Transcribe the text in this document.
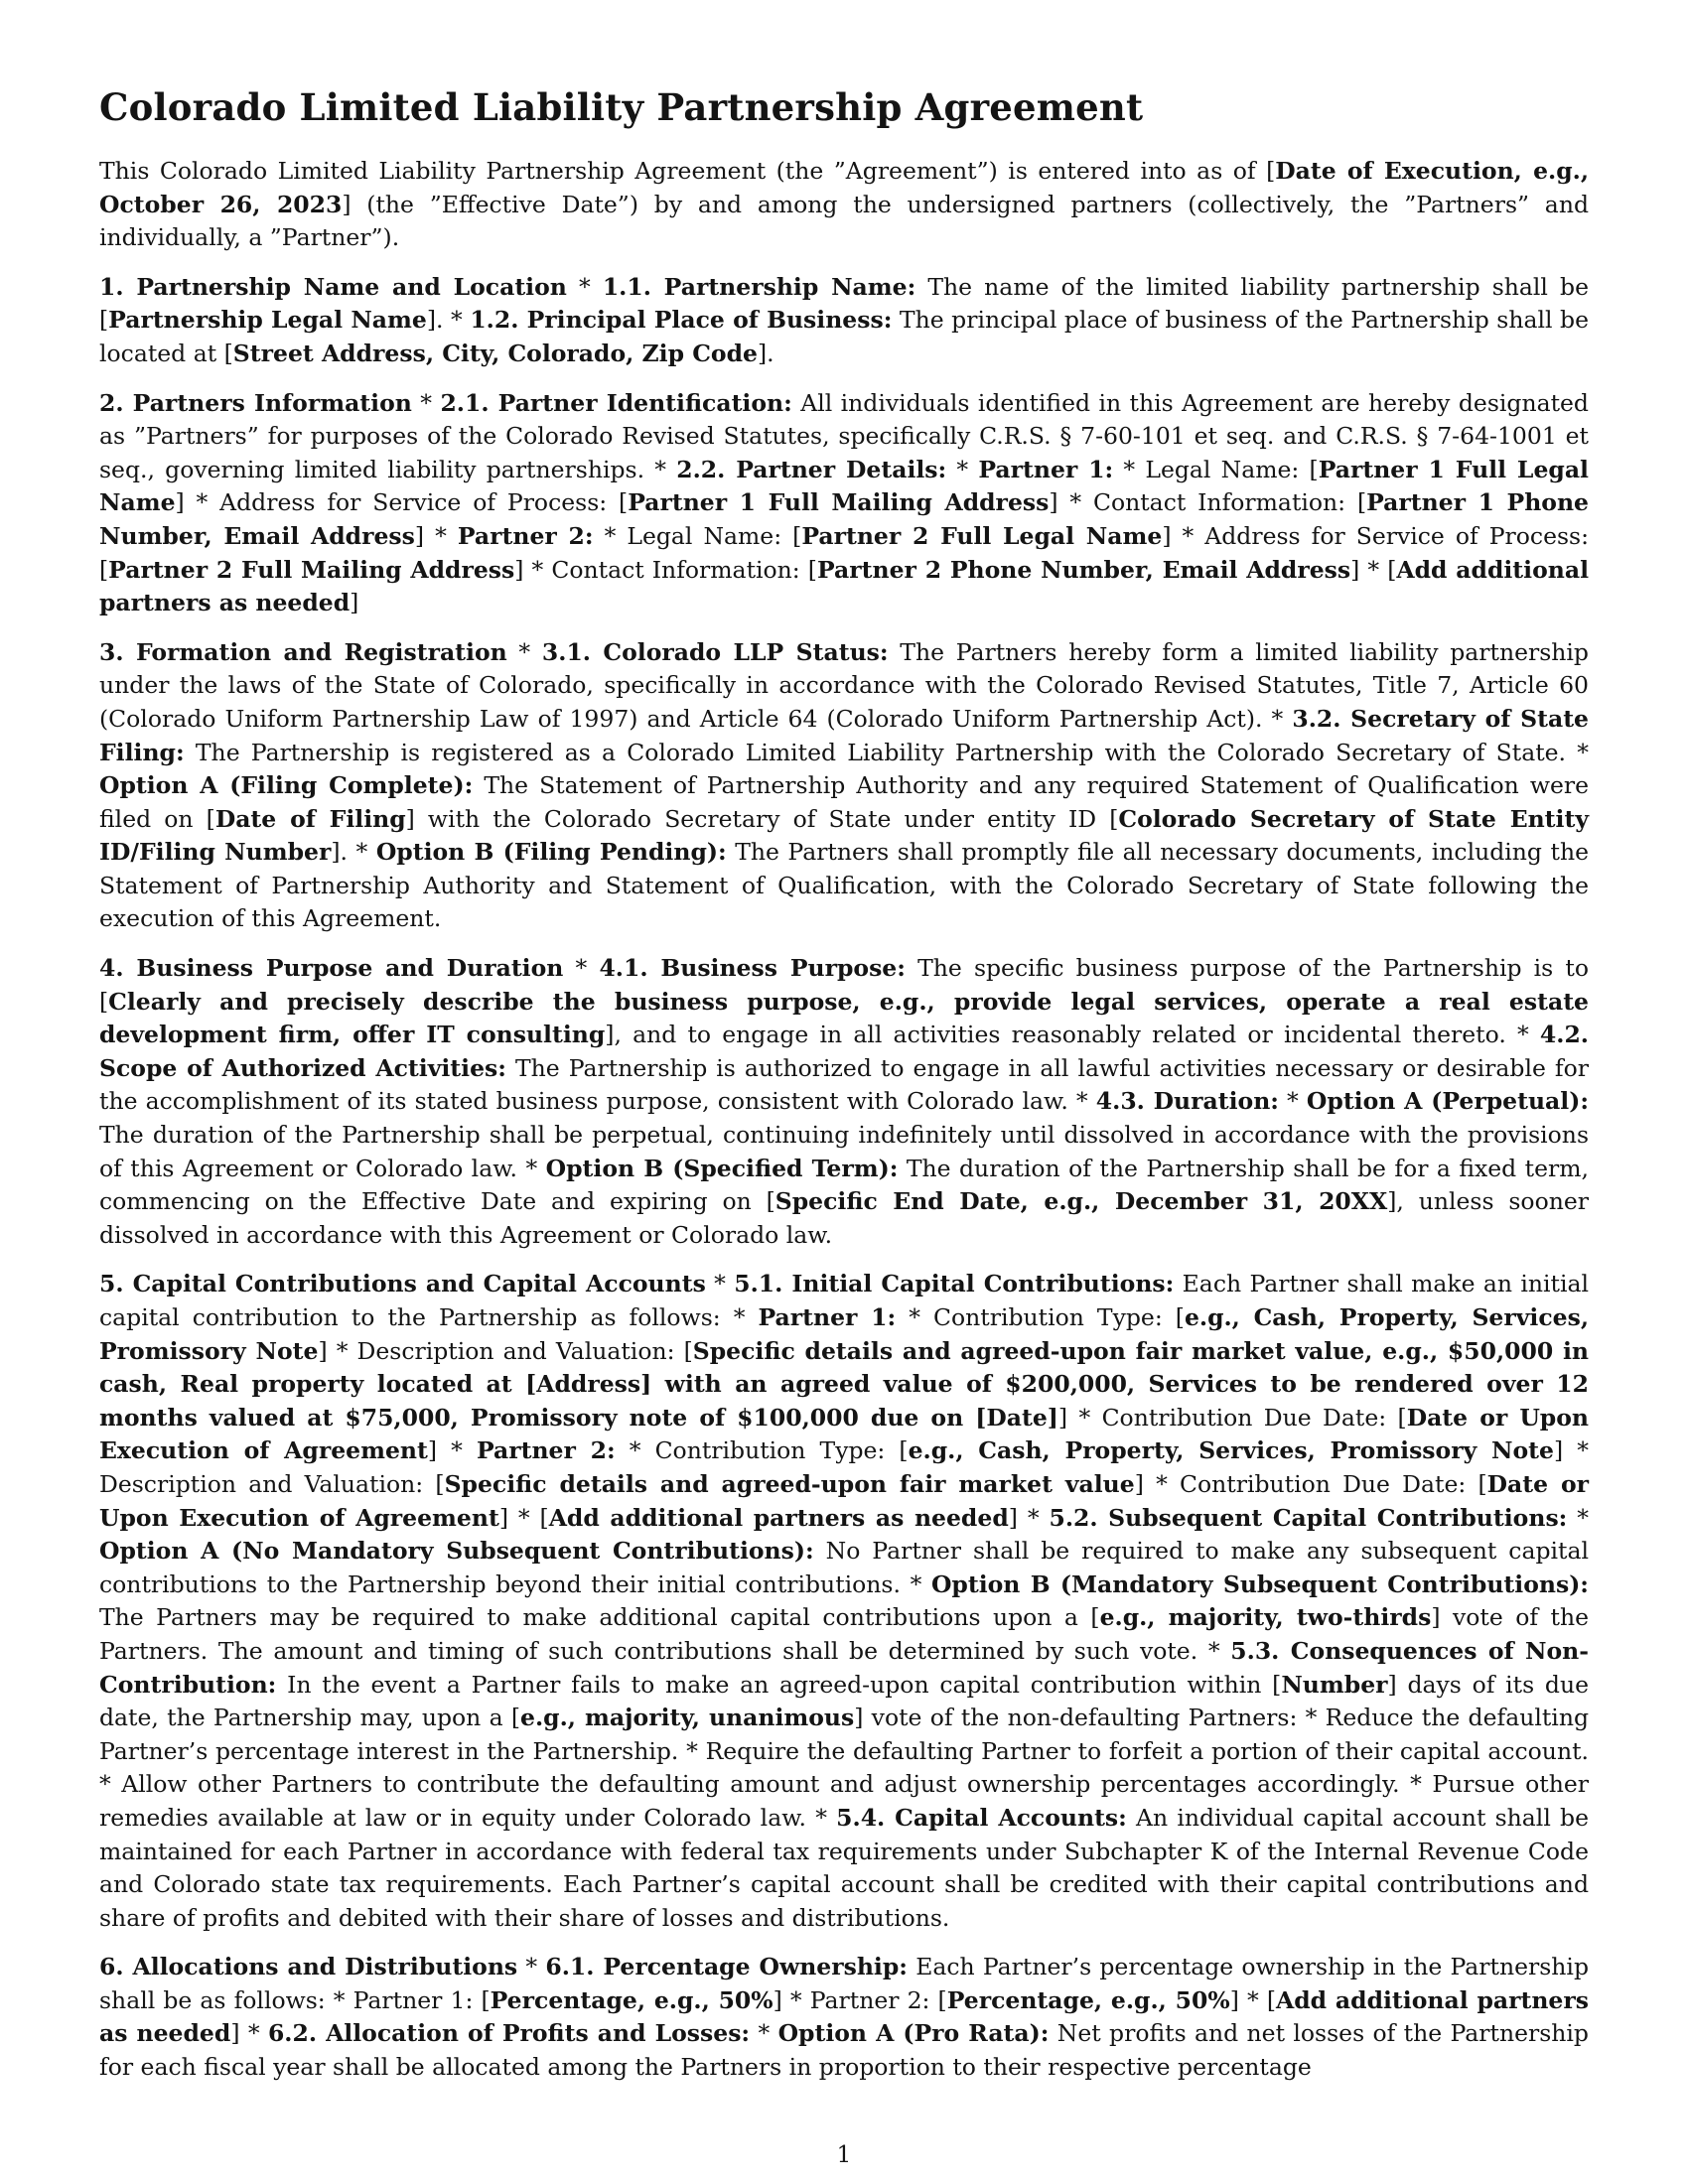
Colorado Limited Liability Partnership Agreement

This Colorado Limited Liability Partnership Agreement (the ”Agreement”) is entered into as of [Date of Execution, e.g., October 26, 2023] (the ”Effective Date”) by and among the undersigned partners (collectively, the ”Partners” and individually, a ”Partner”).

1. Partnership Name and Location * 1.1. Partnership Name: The name of the limited liability partnership shall be [Partnership Legal Name]. * 1.2. Principal Place of Business: The principal place of business of the Partnership shall be located at [Street Address, City, Colorado, Zip Code].

2. Partners Information * 2.1. Partner Identification: All individuals identified in this Agreement are hereby designated as ”Partners” for purposes of the Colorado Revised Statutes, specifically C.R.S. § 7-60-101 et seq. and C.R.S. § 7-64-1001 et seq., governing limited liability partnerships. * 2.2. Partner Details: * Partner 1: * Legal Name: [Partner 1 Full Legal Name] * Address for Service of Process: [Partner 1 Full Mailing Address] * Contact Information: [Partner 1 Phone Number, Email Address] * Partner 2: * Legal Name: [Partner 2 Full Legal Name] * Address for Service of Process: [Partner 2 Full Mailing Address] * Contact Information: [Partner 2 Phone Number, Email Address] * [Add additional partners as needed]

3. Formation and Registration * 3.1. Colorado LLP Status: The Partners hereby form a limited liability partnership under the laws of the State of Colorado, specifically in accordance with the Colorado Revised Statutes, Title 7, Article 60 (Colorado Uniform Partnership Law of 1997) and Article 64 (Colorado Uniform Partnership Act). * 3.2. Secretary of State Filing: The Partnership is registered as a Colorado Limited Liability Partnership with the Colorado Secretary of State. * Option A (Filing Complete): The Statement of Partnership Authority and any required Statement of Qualification were filed on [Date of Filing] with the Colorado Secretary of State under entity ID [Colorado Secretary of State Entity ID/Filing Number]. * Option B (Filing Pending): The Partners shall promptly file all necessary documents, including the Statement of Partnership Authority and Statement of Qualification, with the Colorado Secretary of State following the execution of this Agreement.

4. Business Purpose and Duration * 4.1. Business Purpose: The specific business purpose of the Partnership is to [Clearly and precisely describe the business purpose, e.g., provide legal services, operate a real estate development firm, offer IT consulting], and to engage in all activities reasonably related or incidental thereto. * 4.2. Scope of Authorized Activities: The Partnership is authorized to engage in all lawful activities necessary or desirable for the accomplishment of its stated business purpose, consistent with Colorado law. * 4.3. Duration: * Option A (Perpetual): The duration of the Partnership shall be perpetual, continuing indefinitely until dissolved in accordance with the provisions of this Agreement or Colorado law. * Option B (Specified Term): The duration of the Partnership shall be for a fixed term, commencing on the Effective Date and expiring on [Specific End Date, e.g., December 31, 20XX], unless sooner dissolved in accordance with this Agreement or Colorado law.

5. Capital Contributions and Capital Accounts * 5.1. Initial Capital Contributions: Each Partner shall make an initial capital contribution to the Partnership as follows: * Partner 1: * Contribution Type: [e.g., Cash, Property, Services, Promissory Note] * Description and Valuation: [Specific details and agreed-upon fair market value, e.g., $50,000 in cash, Real property located at [Address] with an agreed value of $200,000, Services to be rendered over 12 months valued at $75,000, Promissory note of $100,000 due on [Date]] * Contribution Due Date: [Date or Upon Execution of Agreement] * Partner 2: * Contribution Type: [e.g., Cash, Property, Services, Promissory Note] * Description and Valuation: [Specific details and agreed-upon fair market value] * Contribution Due Date: [Date or Upon Execution of Agreement] * [Add additional partners as needed] * 5.2. Subsequent Capital Contributions: * Option A (No Mandatory Subsequent Contributions): No Partner shall be required to make any subsequent capital contributions to the Partnership beyond their initial contributions. * Option B (Mandatory Subsequent Contributions): The Partners may be required to make additional capital contributions upon a [e.g., majority, two-thirds] vote of the Partners. The amount and timing of such contributions shall be determined by such vote. * 5.3. Consequences of Non-Contribution: In the event a Partner fails to make an agreed-upon capital contribution within [Number] days of its due date, the Partnership may, upon a [e.g., majority, unanimous] vote of the non-defaulting Partners: * Reduce the defaulting Partner’s percentage interest in the Partnership. * Require the defaulting Partner to forfeit a portion of their capital account. * Allow other Partners to contribute the defaulting amount and adjust ownership percentages accordingly. * Pursue other remedies available at law or in equity under Colorado law. * 5.4. Capital Accounts: An individual capital account shall be maintained for each Partner in accordance with federal tax requirements under Subchapter K of the Internal Revenue Code and Colorado state tax requirements. Each Partner’s capital account shall be credited with their capital contributions and share of profits and debited with their share of losses and distributions.

6. Allocations and Distributions * 6.1. Percentage Ownership: Each Partner’s percentage ownership in the Partnership shall be as follows: * Partner 1: [Percentage, e.g., 50%] * Partner 2: [Percentage, e.g., 50%] * [Add additional partners as needed] * 6.2. Allocation of Profits and Losses: * Option A (Pro Rata): Net profits and net losses of the Partnership for each fiscal year shall be allocated among the Partners in proportion to their respective percentage

1
